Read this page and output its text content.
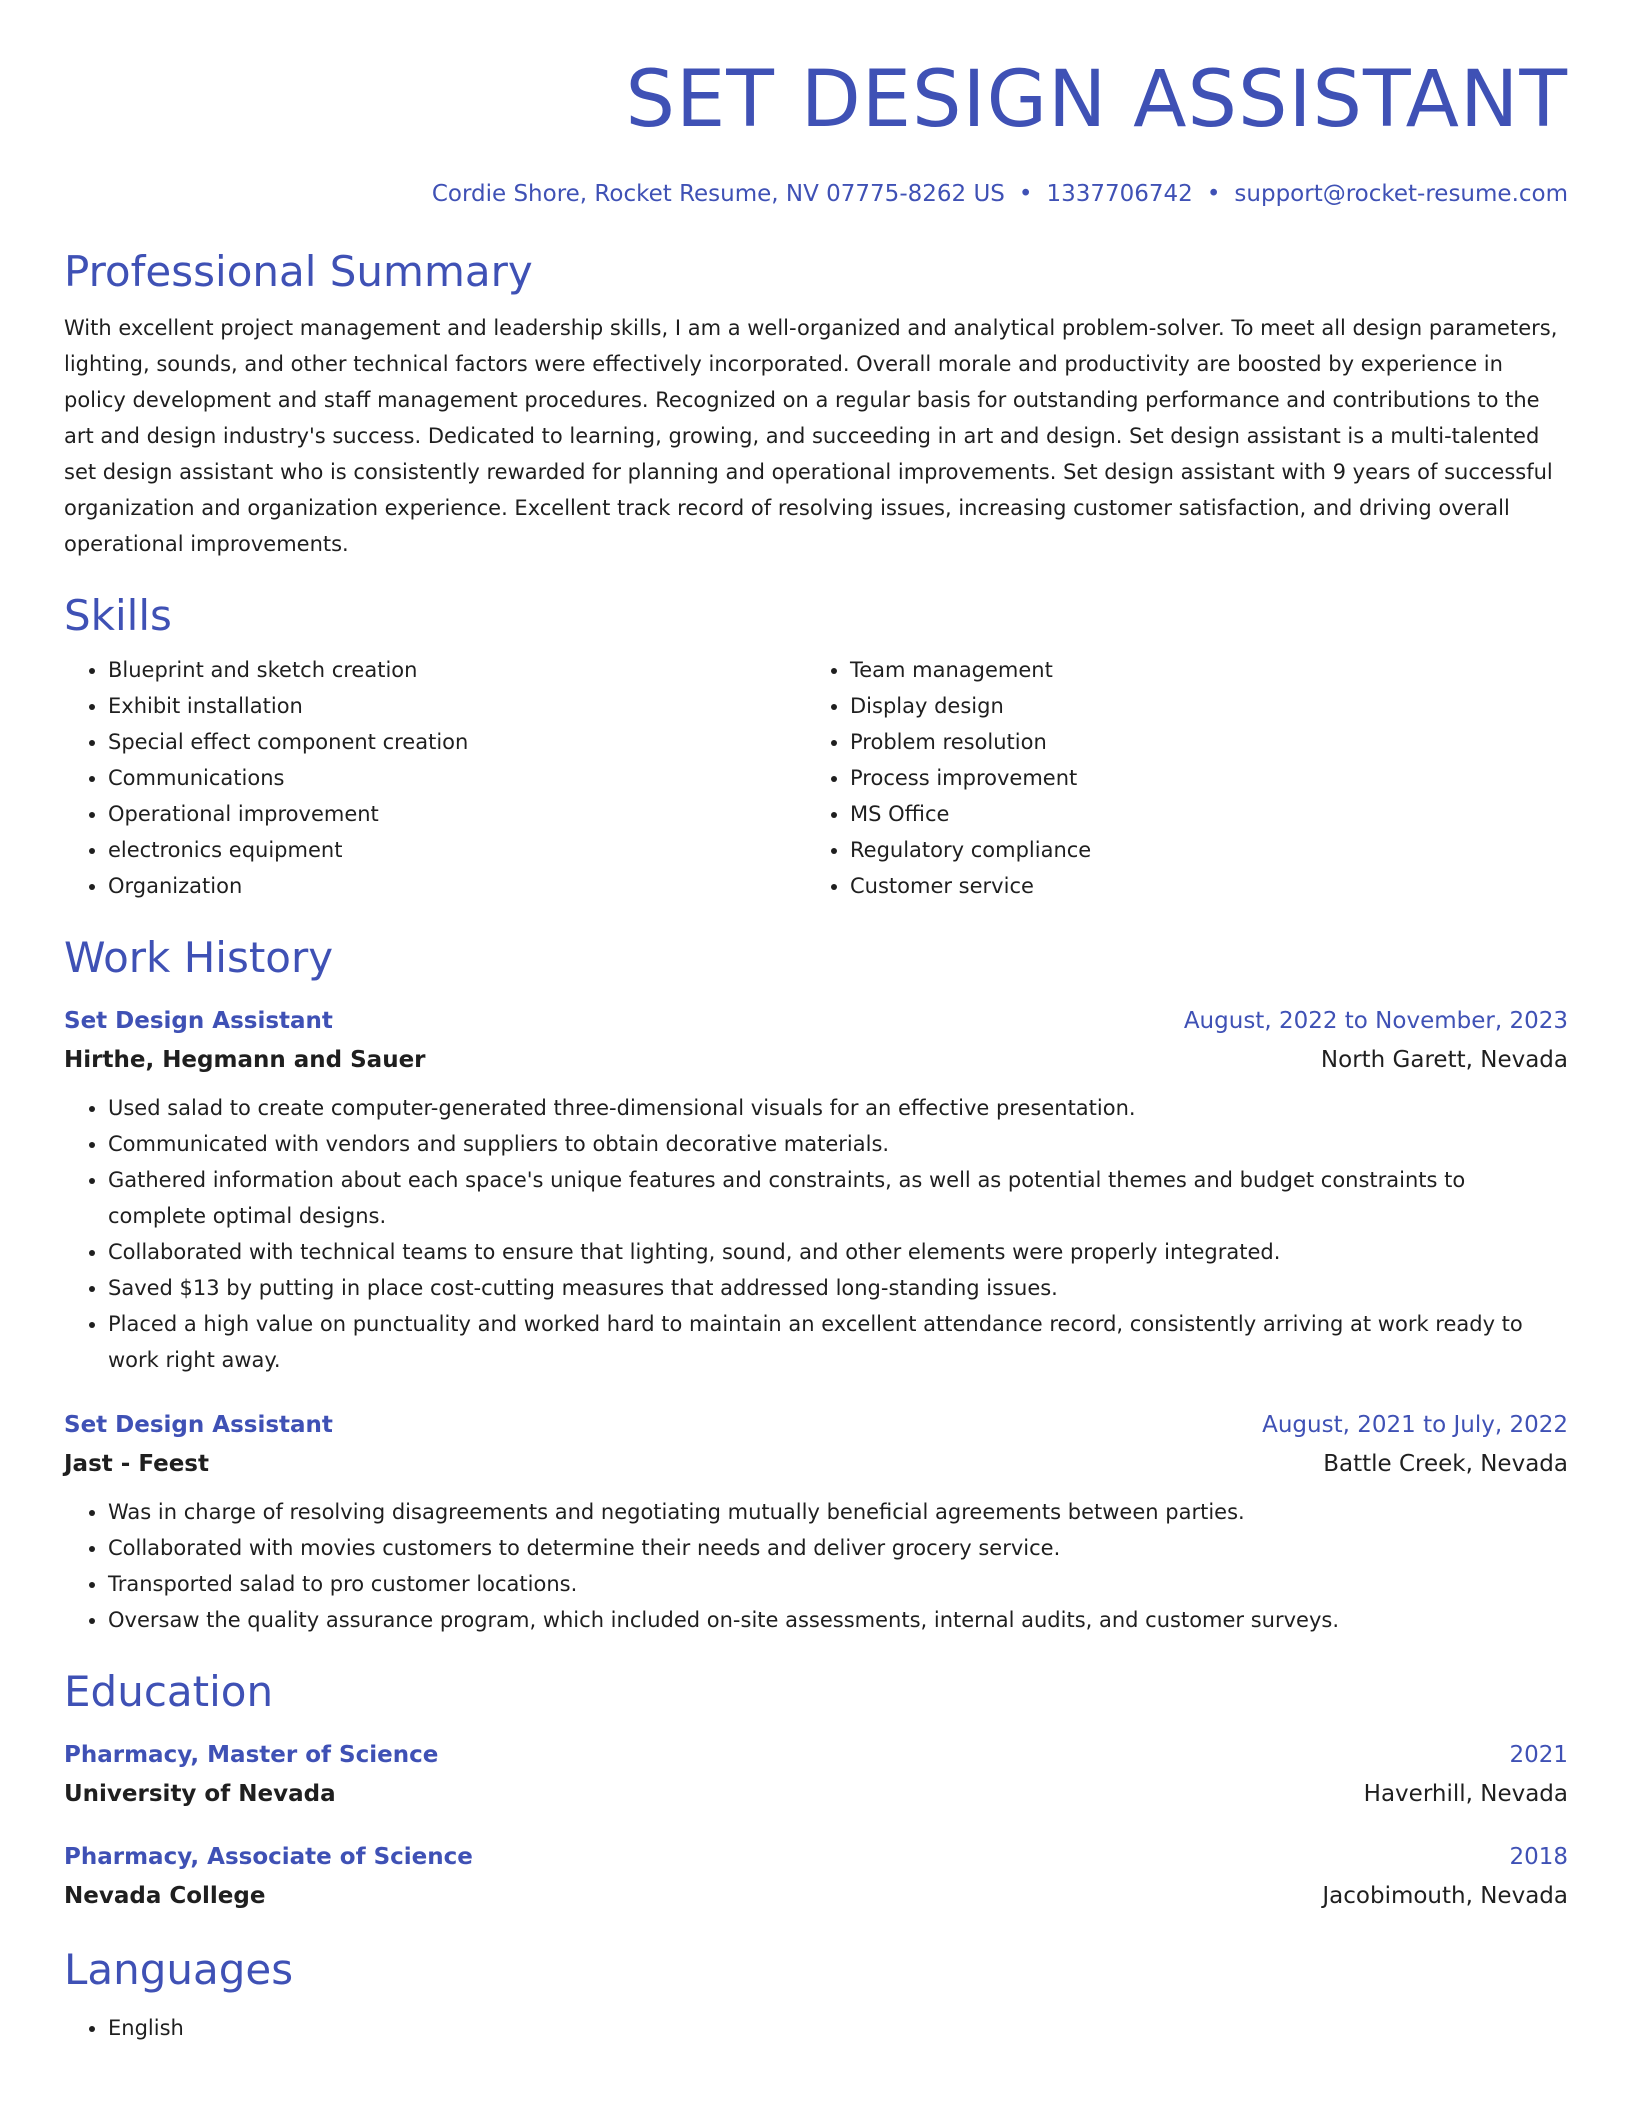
SET DESIGN ASSISTANT
Cordie Shore, Rocket Resume, NV 07775-8262 US • 1337706742 • support@rocket-resume.com
Professional Summary
With excellent project management and leadership skills, I am a well-organized and analytical problem-solver. To meet all design parameters, lighting, sounds, and other technical factors were effectively incorporated. Overall morale and productivity are boosted by experience in policy development and staff management procedures. Recognized on a regular basis for outstanding performance and contributions to the art and design industry's success. Dedicated to learning, growing, and succeeding in art and design. Set design assistant is a multi-talented set design assistant who is consistently rewarded for planning and operational improvements. Set design assistant with 9 years of successful organization and organization experience. Excellent track record of resolving issues, increasing customer satisfaction, and driving overall operational improvements.
Skills
• Blueprint and sketch creation
• Exhibit installation
• Special effect component creation
• Communications
• Operational improvement
• electronics equipment
• Organization
• Team management
• Display design
• Problem resolution
• Process improvement
• MS Office
• Regulatory compliance
• Customer service
Work History
Set Design Assistant	August, 2022 to November, 2023
Hirthe, Hegmann and Sauer	North Garett, Nevada
• Used salad to create computer-generated three-dimensional visuals for an effective presentation.
• Communicated with vendors and suppliers to obtain decorative materials.
• Gathered information about each space's unique features and constraints, as well as potential themes and budget constraints to complete optimal designs.
• Collaborated with technical teams to ensure that lighting, sound, and other elements were properly integrated.
• Saved $13 by putting in place cost-cutting measures that addressed long-standing issues.
• Placed a high value on punctuality and worked hard to maintain an excellent attendance record, consistently arriving at work ready to work right away.
Set Design Assistant	August, 2021 to July, 2022
Jast - Feest	Battle Creek, Nevada
• Was in charge of resolving disagreements and negotiating mutually beneficial agreements between parties.
• Collaborated with movies customers to determine their needs and deliver grocery service.
• Transported salad to pro customer locations.
• Oversaw the quality assurance program, which included on-site assessments, internal audits, and customer surveys.
Education
Pharmacy, Master of Science	2021
University of Nevada	Haverhill, Nevada
Pharmacy, Associate of Science	2018
Nevada College	Jacobimouth, Nevada
Languages
• English
